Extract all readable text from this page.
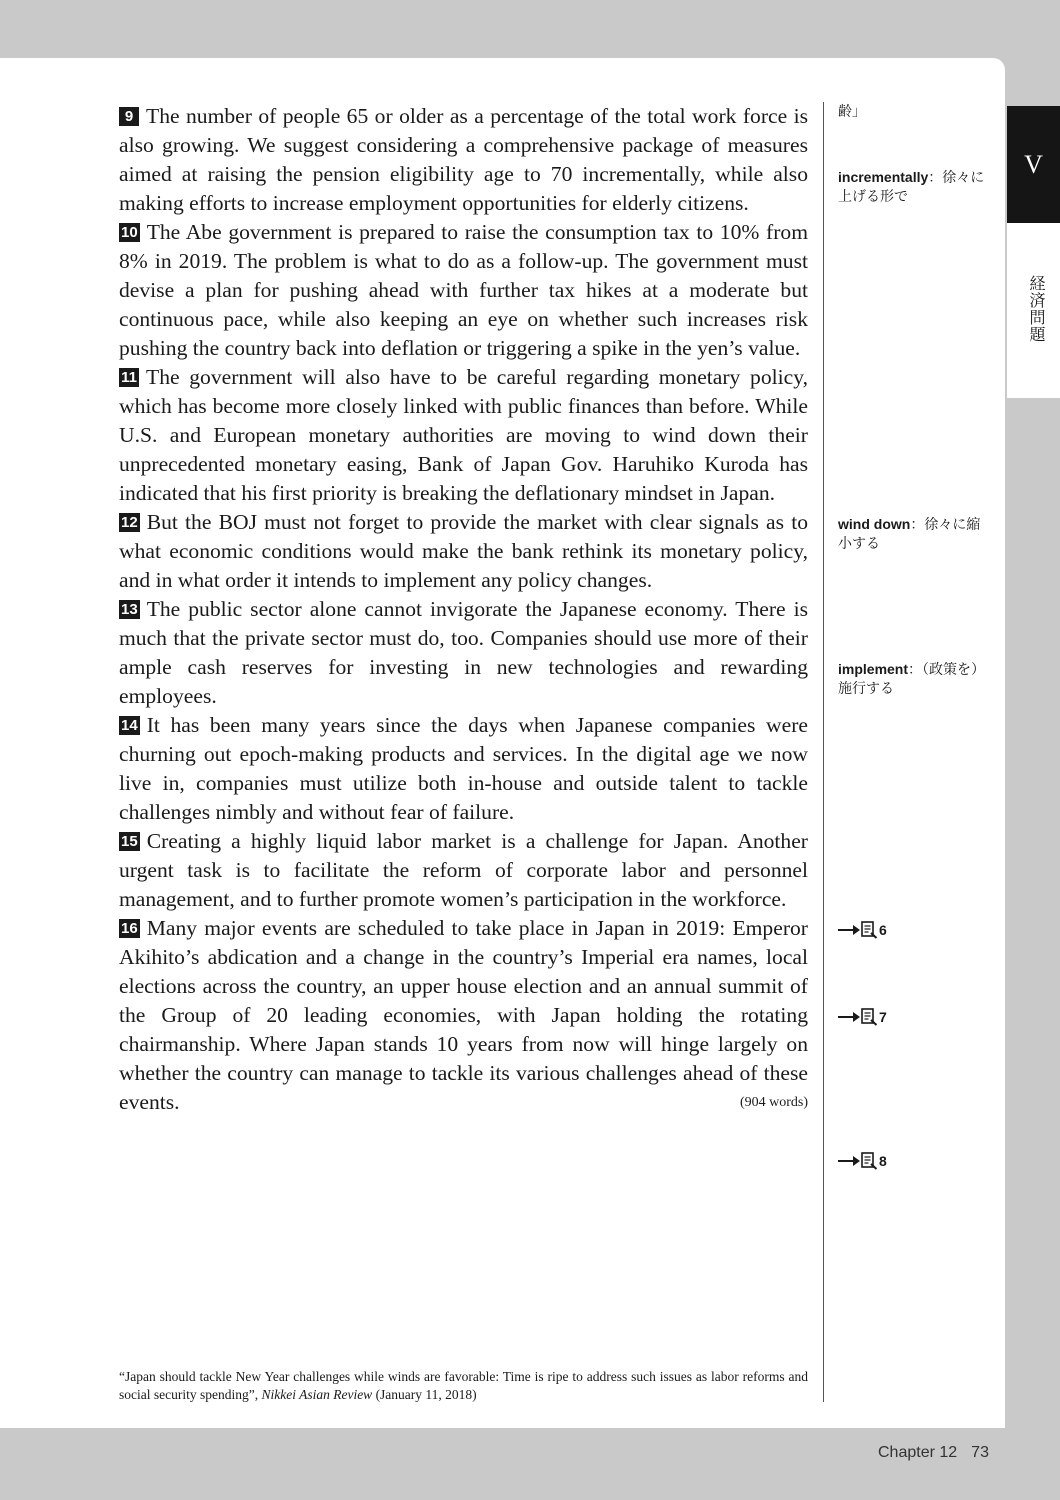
9 The number of people 65 or older as a percentage of the total work force is also growing. We suggest considering a comprehensive package of measures aimed at raising the pension eligibility age to 70 incrementally, while also making efforts to increase employment opportunities for elderly citizens.

10 The Abe government is prepared to raise the consumption tax to 10% from 8% in 2019. The problem is what to do as a follow-up. The government must devise a plan for pushing ahead with further tax hikes at a moderate but continuous pace, while also keeping an eye on whether such increases risk pushing the country back into deflation or triggering a spike in the yen’s value.

11 The government will also have to be careful regarding monetary policy, which has become more closely linked with public finances than before. While U.S. and European monetary authorities are moving to wind down their unprecedented monetary easing, Bank of Japan Gov. Haruhiko Kuroda has indicated that his first priority is breaking the deflationary mindset in Japan.

12 But the BOJ must not forget to provide the market with clear signals as to what economic conditions would make the bank rethink its monetary policy, and in what order it intends to implement any policy changes.

13 The public sector alone cannot invigorate the Japanese economy. There is much that the private sector must do, too. Companies should use more of their ample cash reserves for investing in new technologies and rewarding employees.

14 It has been many years since the days when Japanese companies were churning out epoch-making products and services. In the digital age we now live in, companies must utilize both in-house and outside talent to tackle challenges nimbly and without fear of failure.

15 Creating a highly liquid labor market is a challenge for Japan. Another urgent task is to facilitate the reform of corporate labor and personnel management, and to further promote women’s participation in the workforce.

16 Many major events are scheduled to take place in Japan in 2019: Emperor Akihito’s abdication and a change in the country’s Imperial era names, local elections across the country, an upper house election and an annual summit of the Group of 20 leading economies, with Japan holding the rotating chairmanship. Where Japan stands 10 years from now will hinge largely on whether the country can manage to tackle its various challenges ahead of these events.	(904 words)

齢」
incrementally：徐々に上げる形で
wind down：徐々に縮小する
implement：（政策を）施行する
6
7
8
“Japan should tackle New Year challenges while winds are favorable: Time is ripe to address such issues as labor reforms and social security spending”, Nikkei Asian Review (January 11, 2018)
V
経済問題
Chapter 12 73
